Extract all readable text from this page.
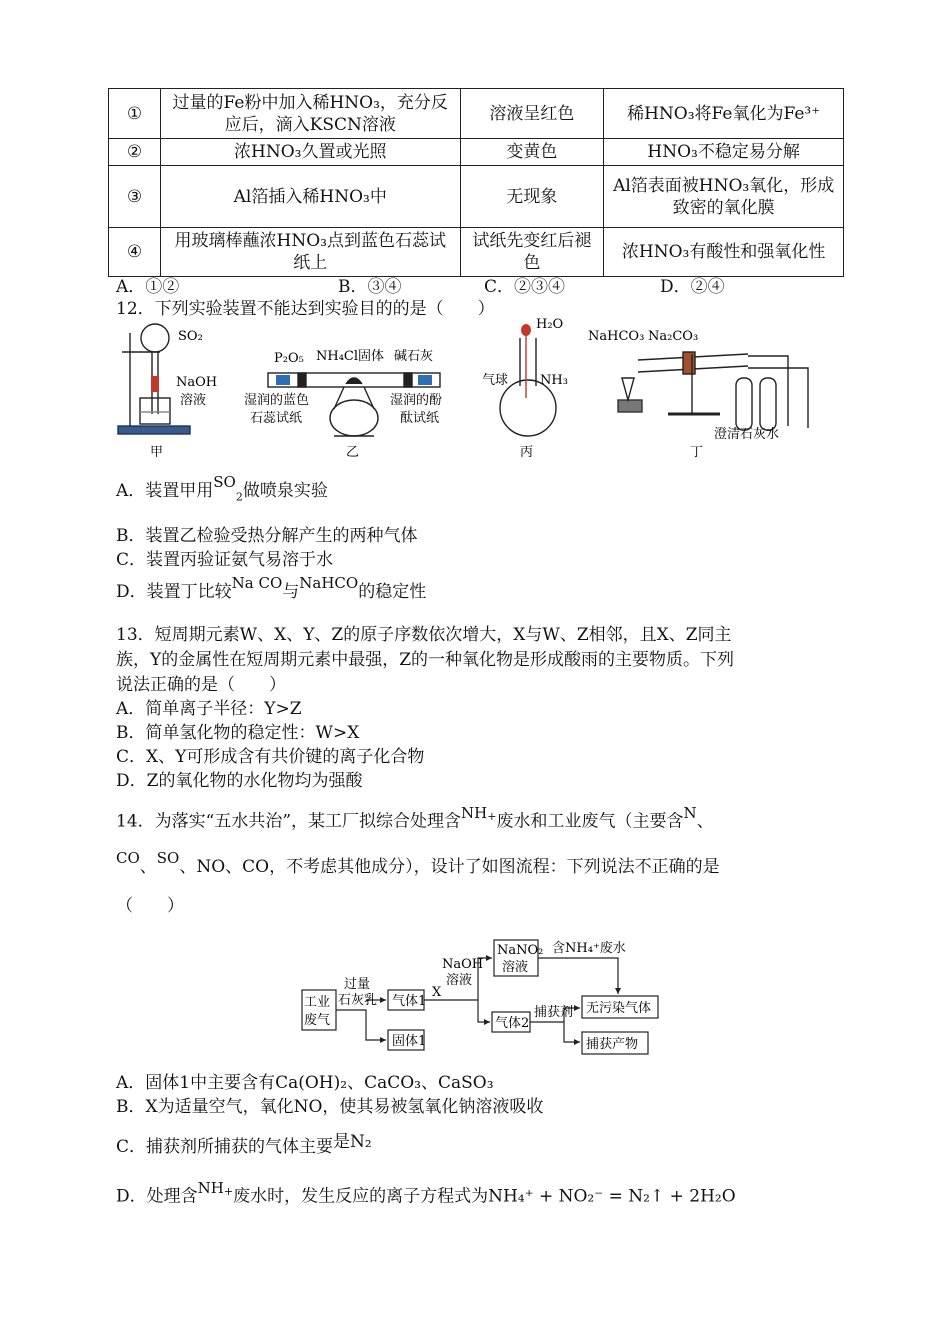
①	过量的Fe粉中加入稀HNO₃，充分反应后，滴入KSCN溶液	溶液呈红色	稀HNO₃将Fe氧化为Fe³⁺
②	浓HNO₃久置或光照	变黄色	HNO₃不稳定易分解
③	Al箔插入稀HNO₃中	无现象	Al箔表面被HNO₃氧化，形成致密的氧化膜
④	用玻璃棒蘸浓HNO₃点到蓝色石蕊试纸上	试纸先变红后褪色	浓HNO₃有酸性和强氧化性
A．①②	B．③④	C．②③④	D．②④
12．下列实验装置不能达到实验目的的是（　　）
SO₂
NaOH
溶液
甲
P₂O₅ NH₄Cl固体 碱石灰
湿润的蓝色
石蕊试纸
湿润的酚
酞试纸
乙
H₂O
气球 NH₃
丙
NaHCO₃ Na₂CO₃
澄清石灰水
丁
A．装置甲用$SO_2$做喷泉实验
B．装置乙检验受热分解产生的两种气体
C．装置丙验证氨气易溶于水
D．装置丁比较Na CO与NaHCO的稳定性
13．短周期元素W、X、Y、Z的原子序数依次增大，X与W、Z相邻，且X、Z同主
族，Y的金属性在短周期元素中最强，Z的一种氧化物是形成酸雨的主要物质。下列
说法正确的是（　　）
A．简单离子半径：Y>Z
B．简单氢化物的稳定性：W>X
C．X、Y可形成含有共价键的离子化合物
D．Z的氧化物的水化物均为强酸
14．为落实“五水共治”，某工厂拟综合处理含NH+废水和工业废气（主要含N、
CO、SO、NO、CO，不考虑其他成分），设计了如图流程：下列说法不正确的是
（　　）
工业
废气
过量
石灰乳 气体1
固体1
X
NaOH
溶液
NaNO₂
溶液
含NH₄⁺废水
气体2
捕获剂 无污染气体
捕获产物
A．固体1中主要含有Ca(OH)₂、CaCO₃、CaSO₃
B．X为适量空气，氧化NO，使其易被氢氧化钠溶液吸收
C．捕获剂所捕获的气体主要是N₂
D．处理含NH+废水时，发生反应的离子方程式为NH₄⁺ + NO₂⁻ = N₂↑ + 2H₂O
